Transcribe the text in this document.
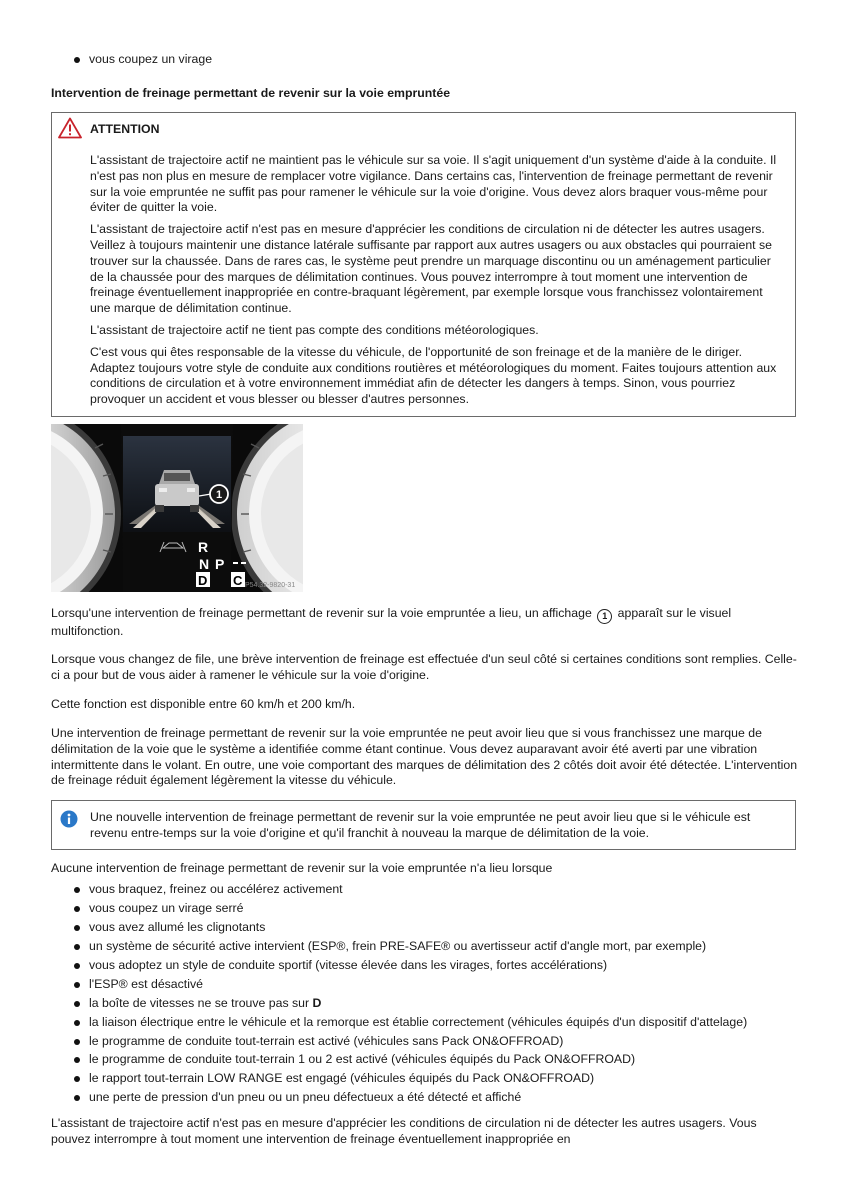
vous coupez un virage
Intervention de freinage permettant de revenir sur la voie empruntée
ATTENTION

L'assistant de trajectoire actif ne maintient pas le véhicule sur sa voie. Il s'agit uniquement d'un système d'aide à la conduite. Il n'est pas non plus en mesure de remplacer votre vigilance. Dans certains cas, l'intervention de freinage permettant de revenir sur la voie empruntée ne suffit pas pour ramener le véhicule sur la voie d'origine. Vous devez alors braquer vous-même pour éviter de quitter la voie.

L'assistant de trajectoire actif n'est pas en mesure d'apprécier les conditions de circulation ni de détecter les autres usagers. Veillez à toujours maintenir une distance latérale suffisante par rapport aux autres usagers ou aux obstacles qui pourraient se trouver sur la chaussée. Dans de rares cas, le système peut prendre un marquage discontinu ou un aménagement particulier de la chaussée pour des marques de délimitation continues. Vous pouvez interrompre à tout moment une intervention de freinage éventuellement inappropriée en contre-braquant légèrement, par exemple lorsque vous franchissez volontairement une marque de délimitation continue.

L'assistant de trajectoire actif ne tient pas compte des conditions météorologiques.

C'est vous qui êtes responsable de la vitesse du véhicule, de l'opportunité de son freinage et de la manière de le diriger. Adaptez toujours votre style de conduite aux conditions routières et météorologiques du moment. Faites toujours attention aux conditions de circulation et à votre environnement immédiat afin de détecter les dangers à temps. Sinon, vous pourriez provoquer un accident et vous blesser ou blesser d'autres personnes.

1
R
N P
D C P54.32-9820-31
Lorsqu'une intervention de freinage permettant de revenir sur la voie empruntée a lieu, un affichage 1 apparaît sur le visuel multifonction.
Lorsque vous changez de file, une brève intervention de freinage est effectuée d'un seul côté si certaines conditions sont remplies. Celle-ci a pour but de vous aider à ramener le véhicule sur la voie d'origine.
Cette fonction est disponible entre 60 km/h et 200 km/h.
Une intervention de freinage permettant de revenir sur la voie empruntée ne peut avoir lieu que si vous franchissez une marque de délimitation de la voie que le système a identifiée comme étant continue. Vous devez auparavant avoir été averti par une vibration intermittente dans le volant. En outre, une voie comportant des marques de délimitation des 2 côtés doit avoir été détectée. L'intervention de freinage réduit également légèrement la vitesse du véhicule.
Une nouvelle intervention de freinage permettant de revenir sur la voie empruntée ne peut avoir lieu que si le véhicule est revenu entre-temps sur la voie d'origine et qu'il franchit à nouveau la marque de délimitation de la voie.
Aucune intervention de freinage permettant de revenir sur la voie empruntée n'a lieu lorsque
vous braquez, freinez ou accélérez activement
vous coupez un virage serré
vous avez allumé les clignotants
un système de sécurité active intervient (ESP®, frein PRE-SAFE® ou avertisseur actif d'angle mort, par exemple)
vous adoptez un style de conduite sportif (vitesse élevée dans les virages, fortes accélérations)
l'ESP® est désactivé
la boîte de vitesses ne se trouve pas sur D
la liaison électrique entre le véhicule et la remorque est établie correctement (véhicules équipés d'un dispositif d'attelage)
le programme de conduite tout-terrain est activé (véhicules sans Pack ON&OFFROAD)
le programme de conduite tout-terrain 1 ou 2 est activé (véhicules équipés du Pack ON&OFFROAD)
le rapport tout-terrain LOW RANGE est engagé (véhicules équipés du Pack ON&OFFROAD)
une perte de pression d'un pneu ou un pneu défectueux a été détecté et affiché
L'assistant de trajectoire actif n'est pas en mesure d'apprécier les conditions de circulation ni de détecter les autres usagers. Vous pouvez interrompre à tout moment une intervention de freinage éventuellement inappropriée en
